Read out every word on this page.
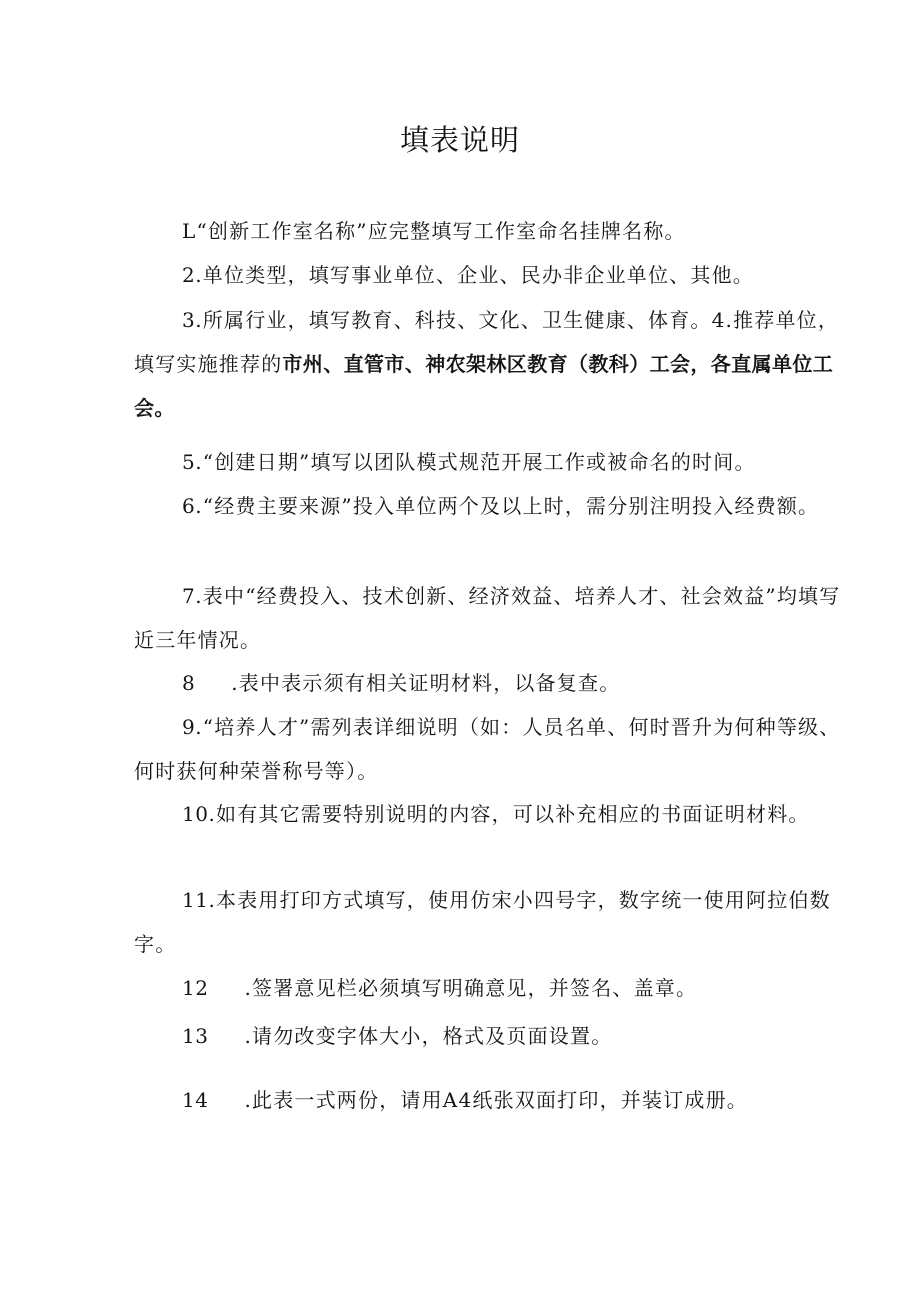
填表说明

L“创新工作室名称”应完整填写工作室命名挂牌名称。

2.单位类型，填写事业单位、企业、民办非企业单位、其他。

3.所属行业，填写教育、科技、文化、卫生健康、体育。4.推荐单位，填写实施推荐的市州、直管市、神农架林区教育（教科）工会，各直属单位工会。

5.“创建日期”填写以团队模式规范开展工作或被命名的时间。

6.“经费主要来源”投入单位两个及以上时，需分别注明投入经费额。

7.表中“经费投入、技术创新、经济效益、培养人才、社会效益”均填写近三年情况。

8 .表中表示须有相关证明材料，以备复查。

9.“培养人才”需列表详细说明（如：人员名单、何时晋升为何种等级、何时获何种荣誉称号等）。

10.如有其它需要特别说明的内容，可以补充相应的书面证明材料。

11.本表用打印方式填写，使用仿宋小四号字，数字统一使用阿拉伯数字。

12 .签署意见栏必须填写明确意见，并签名、盖章。

13 .请勿改变字体大小，格式及页面设置。

14 .此表一式两份，请用A4纸张双面打印，并装订成册。
